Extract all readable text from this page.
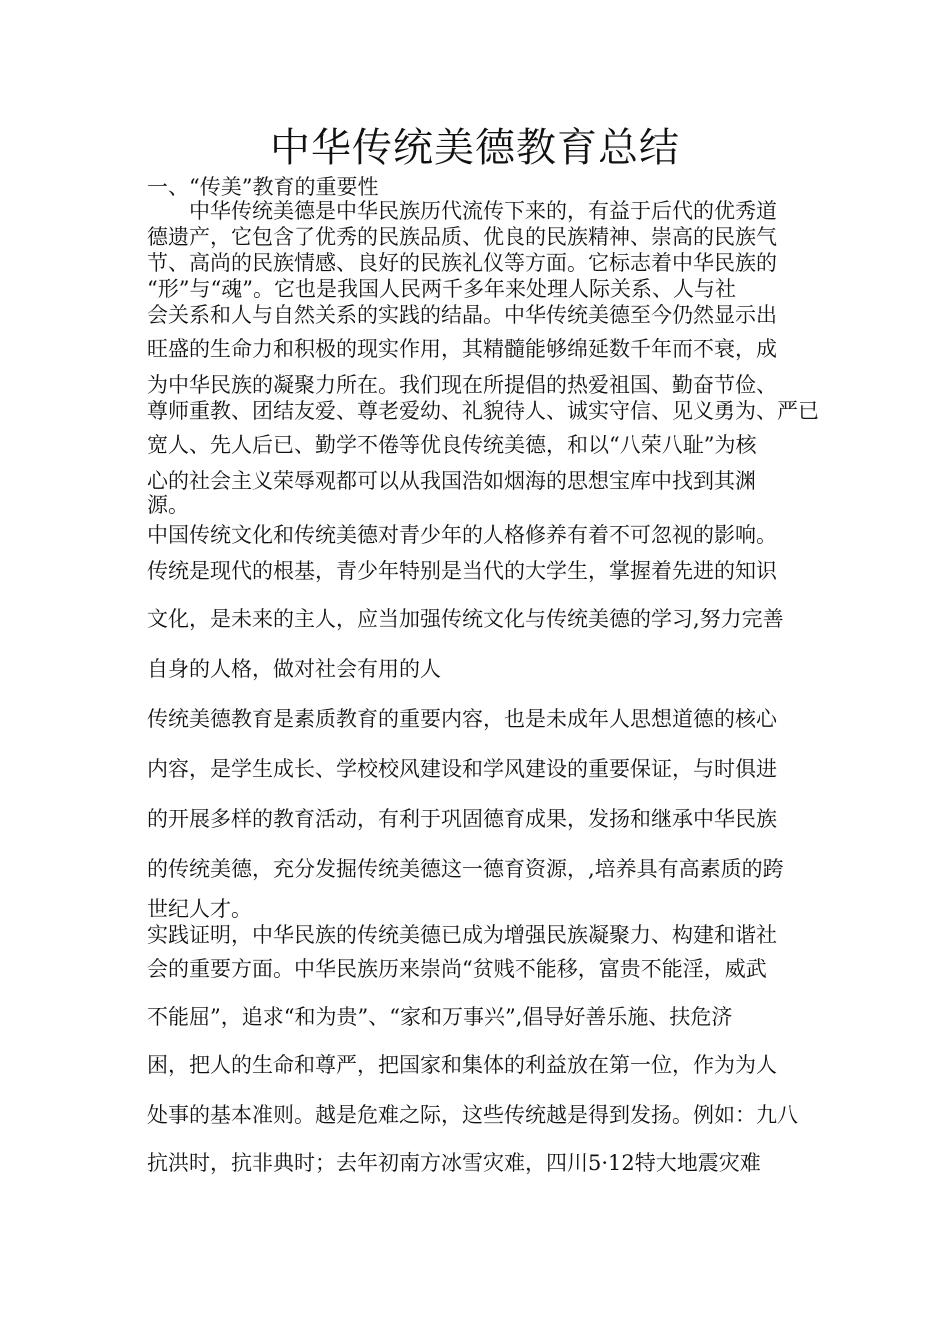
中华传统美德教育总结
一、“传美”教育的重要性
中华传统美德是中华民族历代流传下来的，有益于后代的优秀道
德遗产，它包含了优秀的民族品质、优良的民族精神、崇高的民族气
节、高尚的民族情感、良好的民族礼仪等方面。它标志着中华民族的
“形”与“魂”。它也是我国人民两千多年来处理人际关系、人与社
会关系和人与自然关系的实践的结晶。中华传统美德至今仍然显示出
旺盛的生命力和积极的现实作用，其精髓能够绵延数千年而不衰，成
为中华民族的凝聚力所在。我们现在所提倡的热爱祖国、勤奋节俭、
尊师重教、团结友爱、尊老爱幼、礼貌待人、诚实守信、见义勇为、严已
宽人、先人后已、勤学不倦等优良传统美德，和以“八荣八耻”为核
心的社会主义荣辱观都可以从我国浩如烟海的思想宝库中找到其渊
源。
中国传统文化和传统美德对青少年的人格修养有着不可忽视的影响。
传统是现代的根基，青少年特别是当代的大学生，掌握着先进的知识
文化，是未来的主人，应当加强传统文化与传统美德的学习,努力完善
自身的人格，做对社会有用的人
传统美德教育是素质教育的重要内容，也是未成年人思想道德的核心
内容，是学生成长、学校校风建设和学风建设的重要保证，与时俱进
的开展多样的教育活动，有利于巩固德育成果，发扬和继承中华民族
的传统美德，充分发掘传统美德这一德育资源，,培养具有高素质的跨
世纪人才。
实践证明，中华民族的传统美德已成为增强民族凝聚力、构建和谐社
会的重要方面。中华民族历来崇尚“贫贱不能移，富贵不能淫，威武
不能屈”，追求“和为贵”、“家和万事兴”,倡导好善乐施、扶危济
困，把人的生命和尊严，把国家和集体的利益放在第一位，作为为人
处事的基本准则。越是危难之际，这些传统越是得到发扬。例如：九八
抗洪时，抗非典时；去年初南方冰雪灾难，四川5·12特大地震灾难
